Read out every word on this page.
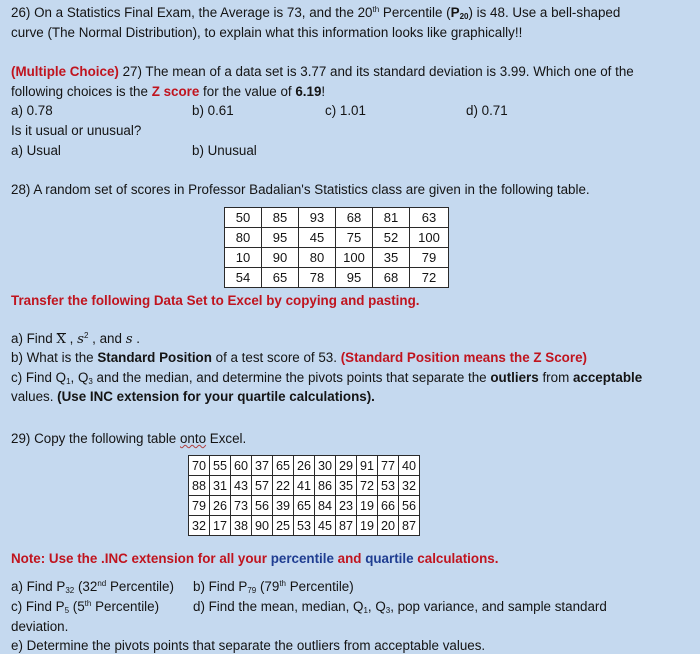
26) On a Statistics Final Exam, the Average is 73, and the 20th Percentile $(P_{20})$ is 48. Use a bell-shaped
curve (The Normal Distribution), to explain what this information looks like graphically!!
(Multiple Choice) 27) The mean of a data set is 3.77 and its standard deviation is 3.99. Which one of the
following choices is the Z score for the value of 6.19!
a) 0.78	b) 0.61	c) 1.01	d) 0.71
Is it usual or unusual?
a) Usual	b) Unusual
28) A random set of scores in Professor Badalian's Statistics class are given in the following table.
50	85	93	68	81	63
80	95	45	75	52	100
10	90	80	100	35	79
54	65	78	95	68	72
Transfer the following Data Set to Excel by copying and pasting.
a) Find X , $s^2$ , and s .
b) What is the Standard Position of a test score of 53. (Standard Position means the Z Score)
c) Find $Q_1$, $Q_3$ and the median, and determine the pivots points that separate the outliers from acceptable
values. (Use INC extension for your quartile calculations).
29) Copy the following table onto Excel.
70	55	60	37	65	26	30	29	91	77	40
88	31	43	57	22	41	86	35	72	53	32
79	26	73	56	39	65	84	23	19	66	56
32	17	38	90	25	53	45	87	19	20	87
Note: Use the .INC extension for all your percentile and quartile calculations.
a) Find $P_{32}$ (32nd Percentile) b) Find $P_{79}$ (79th Percentile)
c) Find $P_5$ (5th Percentile)	d) Find the mean, median, $Q_1$, $Q_3$, pop variance, and sample standard
deviation.
e) Determine the pivots points that separate the outliers from acceptable values.
